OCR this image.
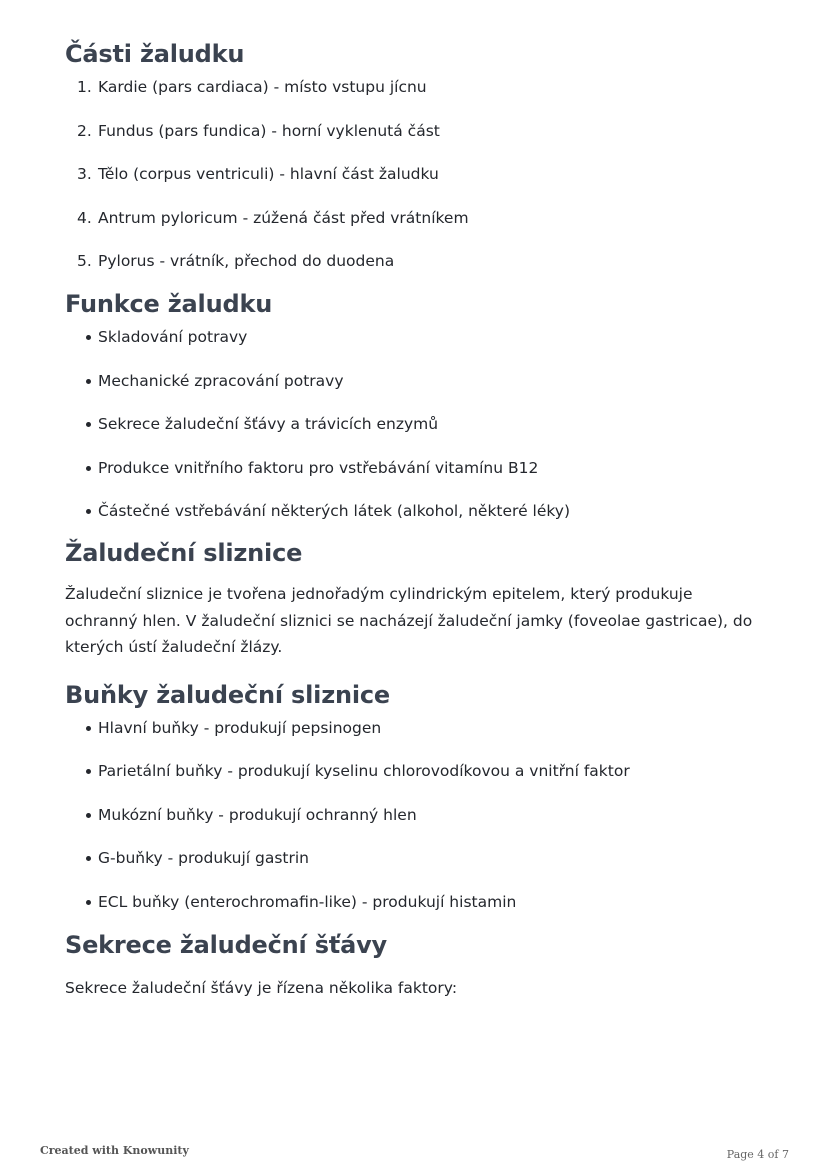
Části žaludku
1. Kardie (pars cardiaca) - místo vstupu jícnu
2. Fundus (pars fundica) - horní vyklenutá část
3. Tělo (corpus ventriculi) - hlavní část žaludku
4. Antrum pyloricum - zúžená část před vrátníkem
5. Pylorus - vrátník, přechod do duodena
Funkce žaludku
Skladování potravy
Mechanické zpracování potravy
Sekrece žaludeční šťávy a trávicích enzymů
Produkce vnitřního faktoru pro vstřebávání vitamínu B12
Částečné vstřebávání některých látek (alkohol, některé léky)
Žaludeční sliznice

Žaludeční sliznice je tvořena jednořadým cylindrickým epitelem, který produkuje

ochranný hlen. V žaludeční sliznici se nacházejí žaludeční jamky (foveolae gastricae), do

kterých ústí žaludeční žlázy.

Buňky žaludeční sliznice
Hlavní buňky - produkují pepsinogen
Parietální buňky - produkují kyselinu chlorovodíkovou a vnitřní faktor
Mukózní buňky - produkují ochranný hlen
G-buňky - produkují gastrin
ECL buňky (enterochromafin-like) - produkují histamin
Sekrece žaludeční šťávy

Sekrece žaludeční šťávy je řízena několika faktory:

Created with Knowunity	Page 4 of 7
